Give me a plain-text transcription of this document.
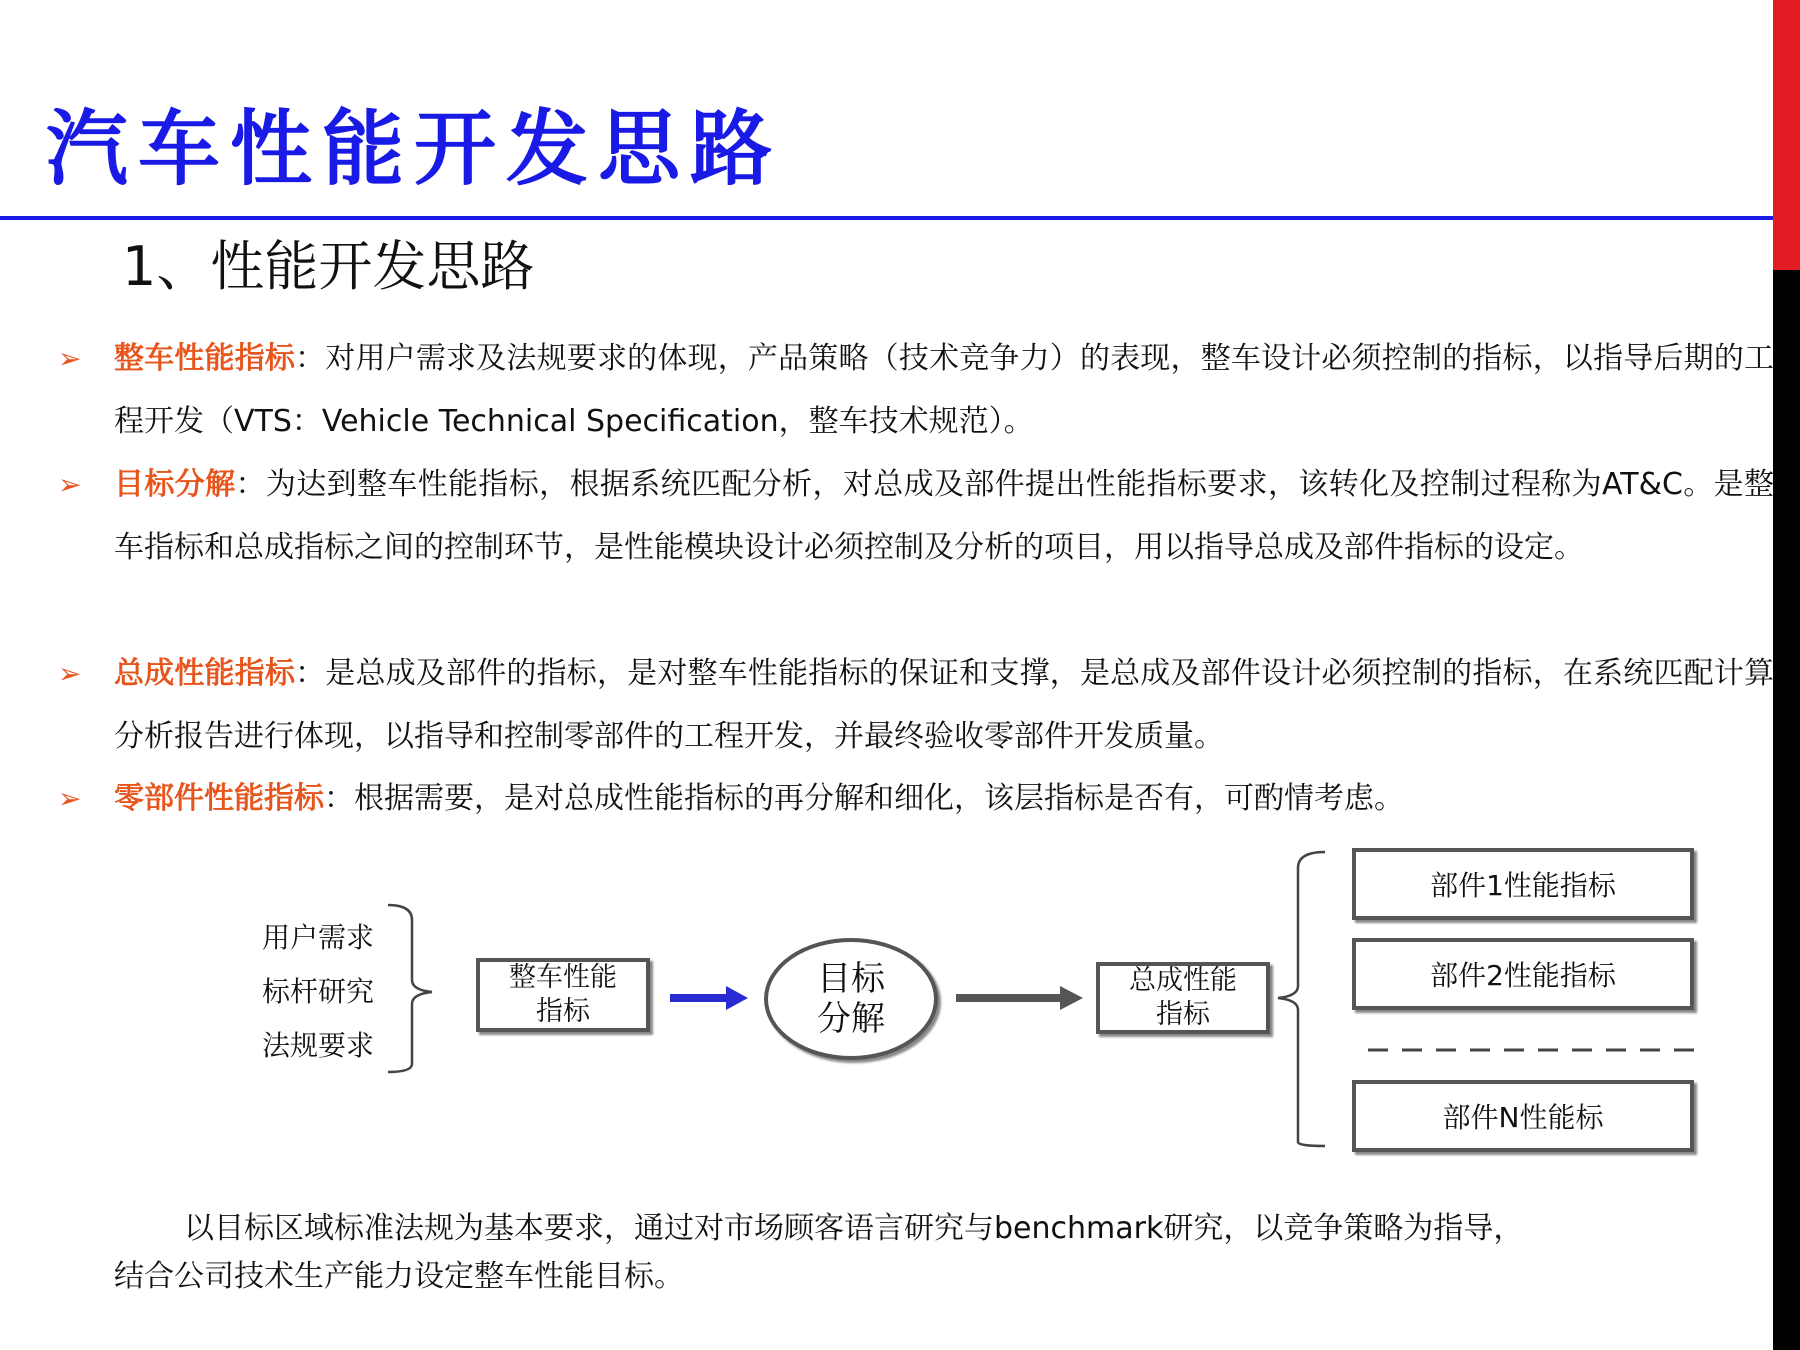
汽车性能开发思路
1、性能开发思路
➢ 整车性能指标：对用户需求及法规要求的体现，产品策略（技术竞争力）的表现，整车设计必须控制的指标，以指导后期的工程开发（VTS：Vehicle Technical Specification，整车技术规范）。
➢ 目标分解：为达到整车性能指标，根据系统匹配分析，对总成及部件提出性能指标要求，该转化及控制过程称为AT&C。是整车指标和总成指标之间的控制环节，是性能模块设计必须控制及分析的项目，用以指导总成及部件指标的设定。
➢ 总成性能指标：是总成及部件的指标，是对整车性能指标的保证和支撑，是总成及部件设计必须控制的指标，在系统匹配计算分析报告进行体现，以指导和控制零部件的工程开发，并最终验收零部件开发质量。
➢ 零部件性能指标：根据需要，是对总成性能指标的再分解和细化，该层指标是否有，可酌情考虑。
用户需求
标杆研究
法规要求
整车性能
指标
目标
分解
总成性能
指标
部件1性能指标
部件2性能指标
部件N性能标
以目标区域标准法规为基本要求，通过对市场顾客语言研究与benchmark研究，以竞争策略为指导，
结合公司技术生产能力设定整车性能目标。
